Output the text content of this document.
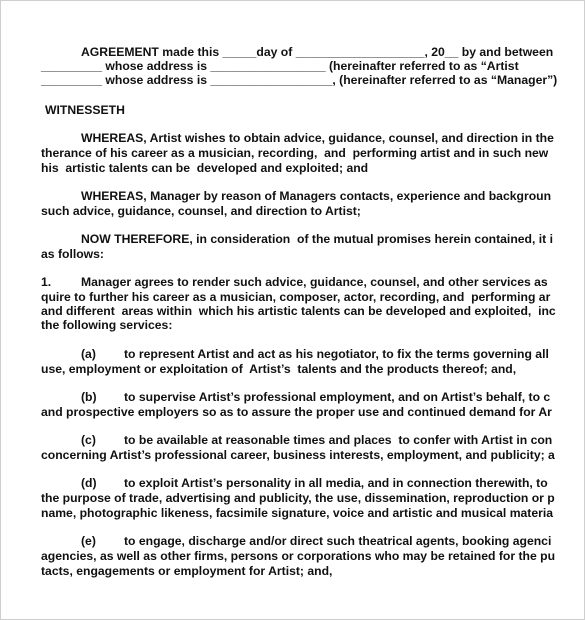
AGREEMENT made this _____day of ___________________, 20__ by and between
_________ whose address is _________________ (hereinafter referred to as “Artist
_________ whose address is __________________, (hereinafter referred to as “Manager”)
WITNESSETH
WHEREAS, Artist wishes to obtain advice, guidance, counsel, and direction in the
therance of his career as a musician, recording,  and  performing artist and in such new
his  artistic talents can be  developed and exploited; and
WHEREAS, Manager by reason of Managers contacts, experience and backgroun
such advice, guidance, counsel, and direction to Artist;
NOW THEREFORE, in consideration  of the mutual promises herein contained, it i
as follows:
1. Manager agrees to render such advice, guidance, counsel, and other services as
quire to further his career as a musician, composer, actor, recording, and  performing ar
and different  areas within  which his artistic talents can be developed and exploited,  inc
the following services:
(a) to represent Artist and act as his negotiator, to fix the terms governing all
use, employment or exploitation of  Artist’s  talents and the products thereof; and,
(b) to supervise Artist’s professional employment, and on Artist’s behalf, to c
and prospective employers so as to assure the proper use and continued demand for Ar
(c) to be available at reasonable times and places  to confer with Artist in con
concerning Artist’s professional career, business interests, employment, and publicity; a
(d) to exploit Artist’s personality in all media, and in connection therewith, to
the purpose of trade, advertising and publicity, the use, dissemination, reproduction or p
name, photographic likeness, facsimile signature, voice and artistic and musical materia
(e) to engage, discharge and/or direct such theatrical agents, booking agenci
agencies, as well as other firms, persons or corporations who may be retained for the pu
tacts, engagements or employment for Artist; and,
